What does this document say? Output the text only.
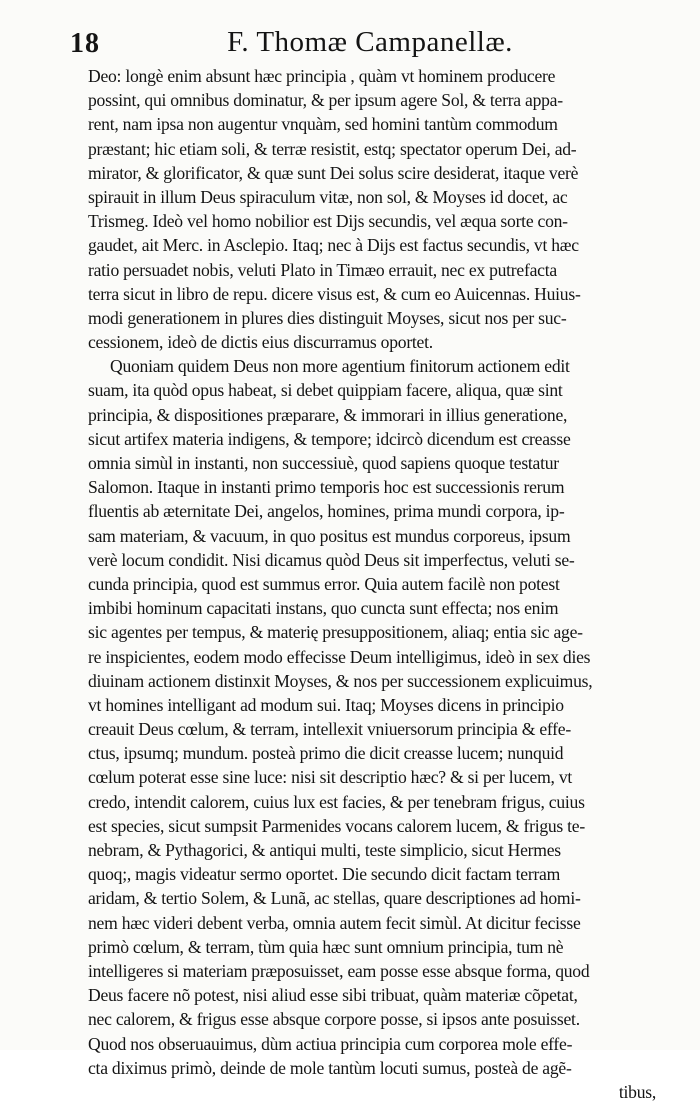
18	F. Thomæ Campanellæ.
Deo: longè enim absunt hæc principia , quàm vt hominem producere
possint, qui omnibus dominatur, & per ipsum agere Sol, & terra appa-
rent, nam ipsa non augentur vnquàm, sed homini tantùm commodum
præstant; hic etiam soli, & terræ resistit, estq; spectator operum Dei, ad-
mirator, & glorificator, & quæ sunt Dei solus scire desiderat, itaque verè
spirauit in illum Deus spiraculum vitæ, non sol, & Moyses id docet, ac
Trismeg. Ideò vel homo nobilior est Dijs secundis, vel æqua sorte con-
gaudet, ait Merc. in Asclepio. Itaq; nec à Dijs est factus secundis, vt hæc
ratio persuadet nobis, veluti Plato in Timæo errauit, nec ex putrefacta
terra sicut in libro de repu. dicere visus est, & cum eo Auicennas. Huius-
modi generationem in plures dies distinguit Moyses, sicut nos per suc-
cessionem, ideò de dictis eius discurramus oportet.
Quoniam quidem Deus non more agentium finitorum actionem edit
suam, ita quòd opus habeat, si debet quippiam facere, aliqua, quæ sint
principia, & dispositiones præparare, & immorari in illius generatione,
sicut artifex materia indigens, & tempore; idcircò dicendum est creasse
omnia simùl in instanti, non successiuè, quod sapiens quoque testatur
Salomon. Itaque in instanti primo temporis hoc est successionis rerum
fluentis ab æternitate Dei, angelos, homines, prima mundi corpora, ip-
sam materiam, & vacuum, in quo positus est mundus corporeus, ipsum
verè locum condidit. Nisi dicamus quòd Deus sit imperfectus, veluti se-
cunda principia, quod est summus error. Quia autem facilè non potest
imbibi hominum capacitati instans, quo cuncta sunt effecta; nos enim
sic agentes per tempus, & materię presuppositionem, aliaq; entia sic age-
re inspicientes, eodem modo effecisse Deum intelligimus, ideò in sex dies
diuinam actionem distinxit Moyses, & nos per successionem explicuimus,
vt homines intelligant ad modum sui. Itaq; Moyses dicens in principio
creauit Deus cœlum, & terram, intellexit vniuersorum principia & effe-
ctus, ipsumq; mundum. posteà primo die dicit creasse lucem; nunquid
cœlum poterat esse sine luce: nisi sit descriptio hæc? & si per lucem, vt
credo, intendit calorem, cuius lux est facies, & per tenebram frigus, cuius
est species, sicut sumpsit Parmenides vocans calorem lucem, & frigus te-
nebram, & Pythagorici, & antiqui multi, teste simplicio, sicut Hermes
quoq;, magis videatur sermo oportet. Die secundo dicit factam terram
aridam, & tertio Solem, & Lunã, ac stellas, quare descriptiones ad homi-
nem hæc videri debent verba, omnia autem fecit simùl. At dicitur fecisse
primò cœlum, & terram, tùm quia hæc sunt omnium principia, tum nè
intelligeres si materiam præposuisset, eam posse esse absque forma, quod
Deus facere nõ potest, nisi aliud esse sibi tribuat, quàm materiæ cõpetat,
nec calorem, & frigus esse absque corpore posse, si ipsos ante posuisset.
Quod nos obseruauimus, dùm actiua principia cum corporea mole effe-
cta diximus primò, deinde de mole tantùm locuti sumus, posteà de agẽ-
tibus,
